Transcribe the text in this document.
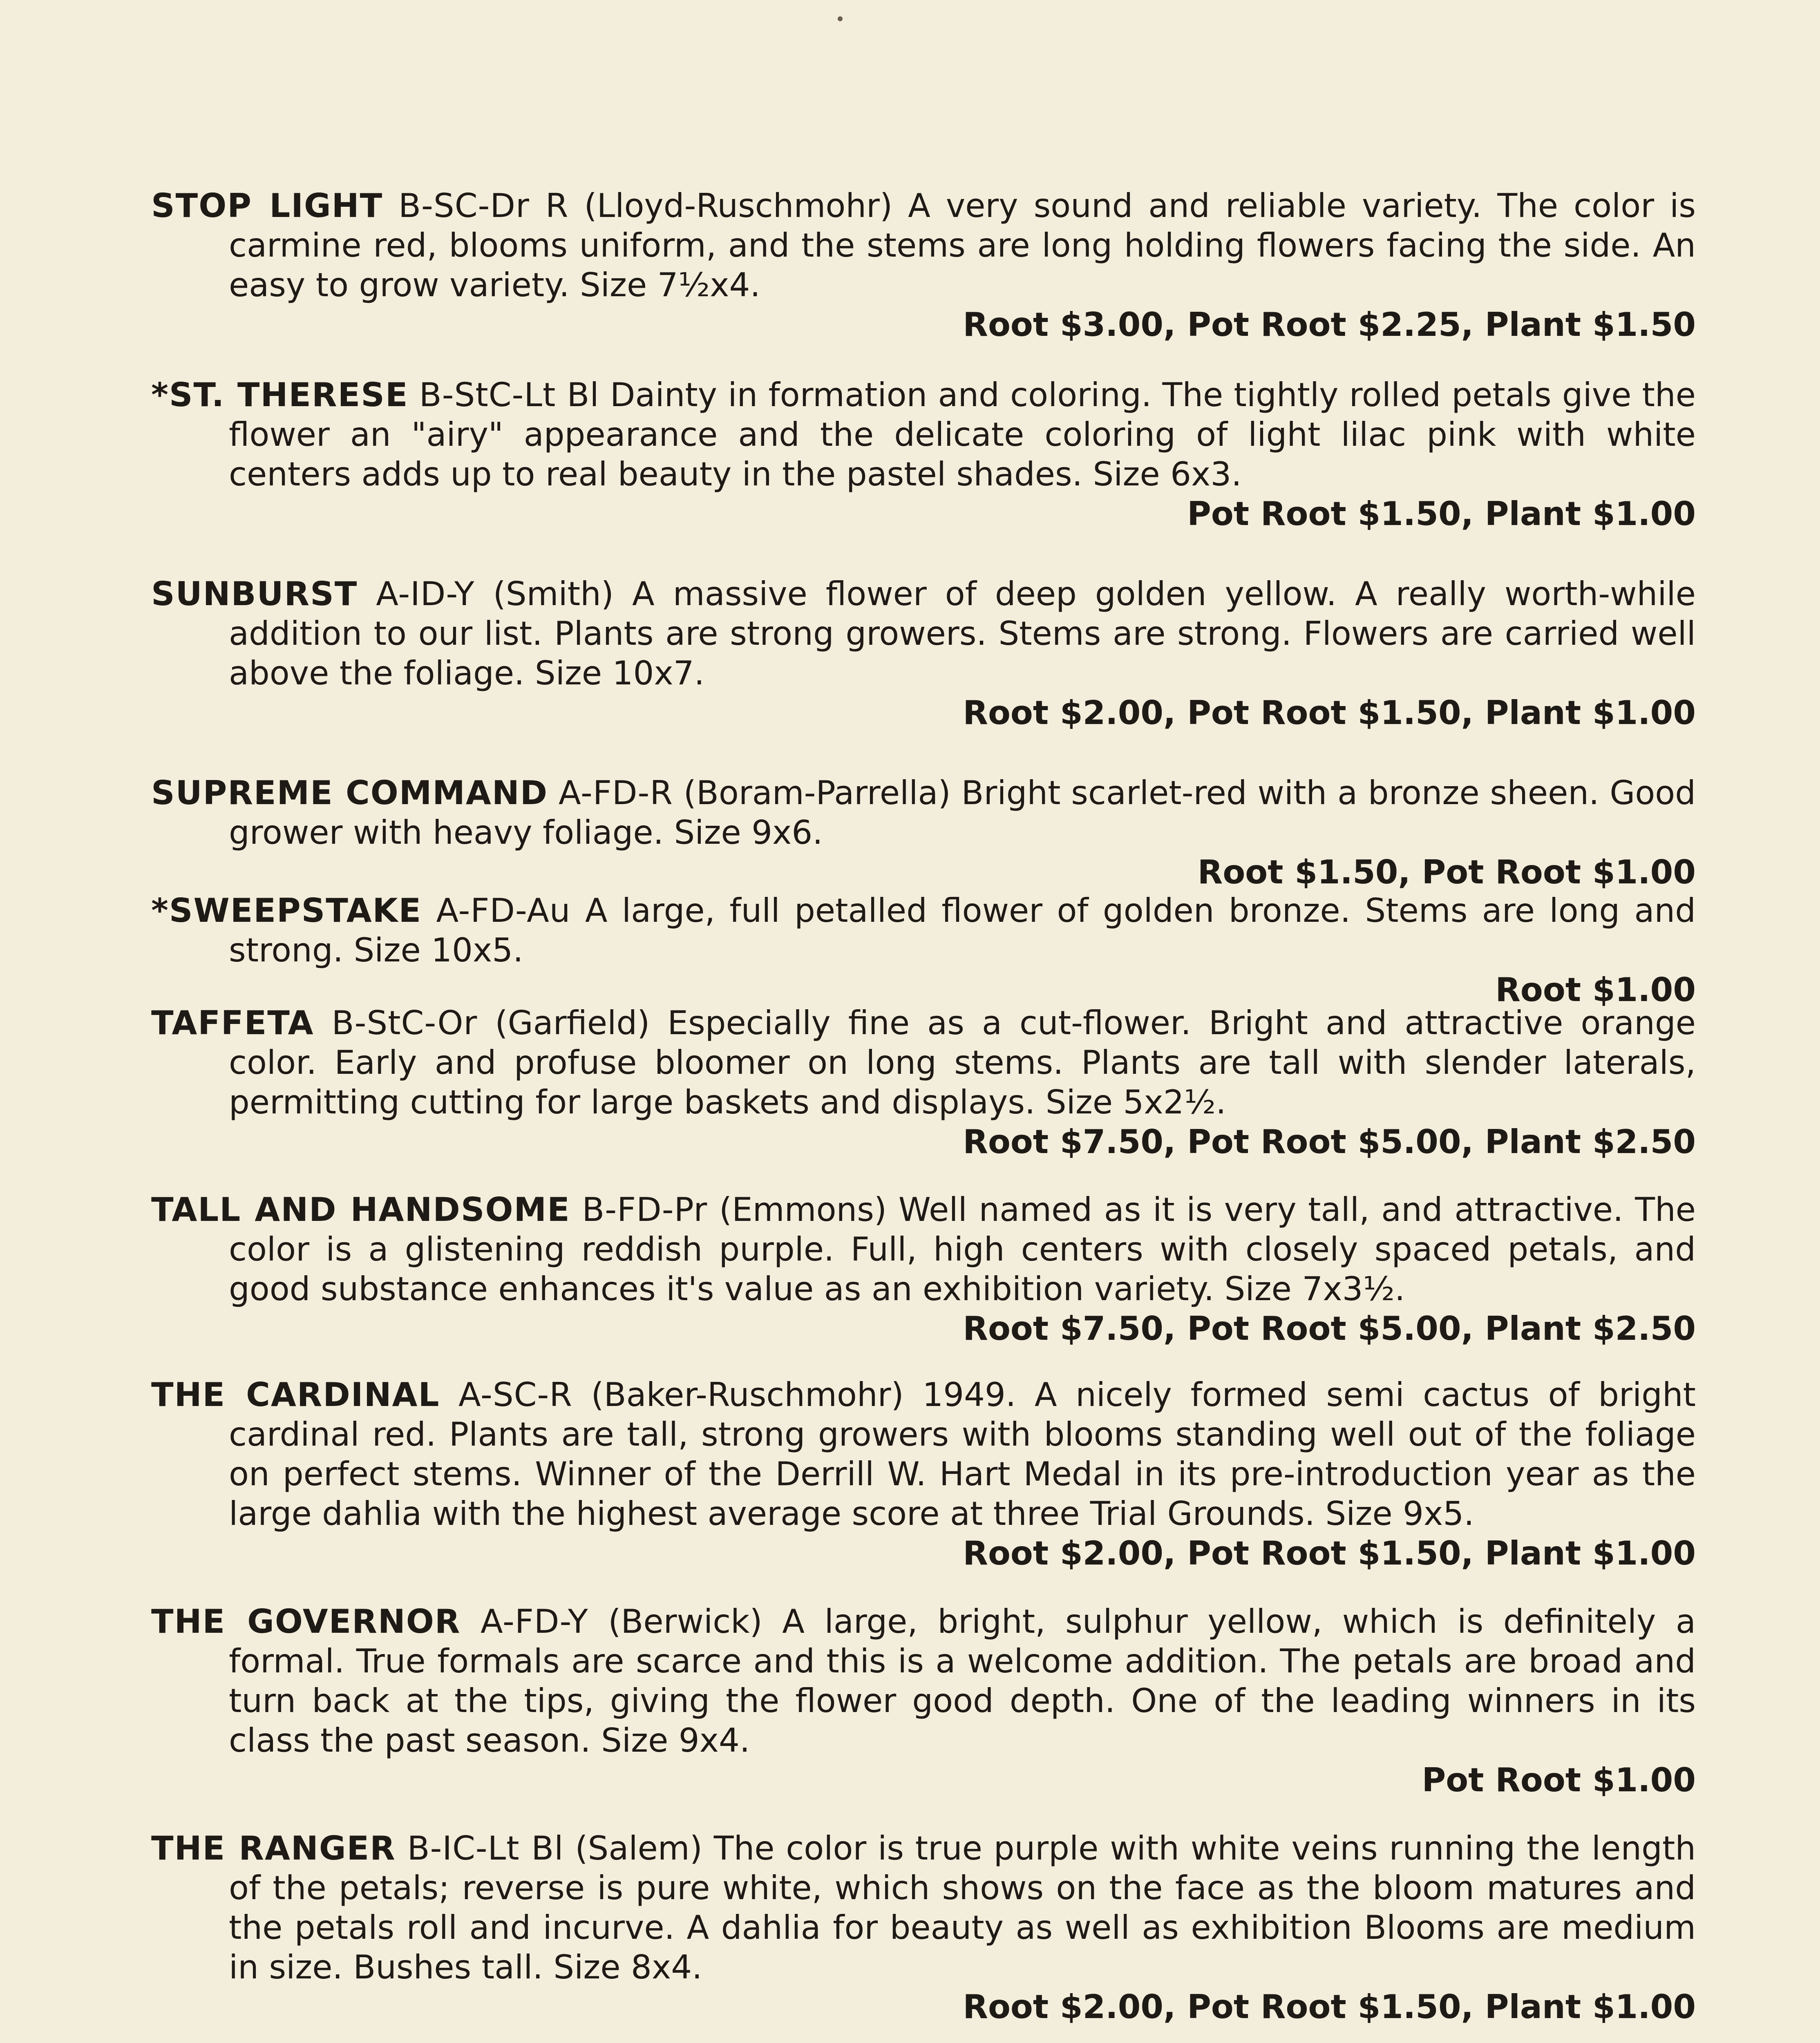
STOP LIGHT B-SC-Dr R (Lloyd-Ruschmohr) A very sound and reliable variety. The color is carmine red, blooms uniform, and the stems are long holding flowers facing the side. An easy to grow variety. Size 7½x4.

Root $3.00, Pot Root $2.25, Plant $1.50

*ST. THERESE B-StC-Lt Bl Dainty in formation and coloring. The tightly rolled petals give the flower an "airy" appearance and the delicate coloring of light lilac pink with white centers adds up to real beauty in the pastel shades. Size 6x3.

Pot Root $1.50, Plant $1.00

SUNBURST A-ID-Y (Smith) A massive flower of deep golden yellow. A really worth-while addition to our list. Plants are strong growers. Stems are strong. Flowers are carried well above the foliage. Size 10x7.

Root $2.00, Pot Root $1.50, Plant $1.00

SUPREME COMMAND A-FD-R (Boram-Parrella) Bright scarlet-red with a bronze sheen. Good grower with heavy foliage. Size 9x6.

Root $1.50, Pot Root $1.00

*SWEEPSTAKE A-FD-Au A large, full petalled flower of golden bronze. Stems are long and strong. Size 10x5.

Root $1.00

TAFFETA B-StC-Or (Garfield) Especially fine as a cut-flower. Bright and attractive orange color. Early and profuse bloomer on long stems. Plants are tall with slender laterals, permitting cutting for large baskets and displays. Size 5x2½.

Root $7.50, Pot Root $5.00, Plant $2.50

TALL AND HANDSOME B-FD-Pr (Emmons) Well named as it is very tall, and attractive. The color is a glistening reddish purple. Full, high centers with closely spaced petals, and good substance enhances it's value as an exhibition variety. Size 7x3½.

Root $7.50, Pot Root $5.00, Plant $2.50

THE CARDINAL A-SC-R (Baker-Ruschmohr) 1949. A nicely formed semi cactus of bright cardinal red. Plants are tall, strong growers with blooms standing well out of the foliage on perfect stems. Winner of the Derrill W. Hart Medal in its pre-introduction year as the large dahlia with the highest average score at three Trial Grounds. Size 9x5.

Root $2.00, Pot Root $1.50, Plant $1.00

THE GOVERNOR A-FD-Y (Berwick) A large, bright, sulphur yellow, which is definitely a formal. True formals are scarce and this is a welcome addition. The petals are broad and turn back at the tips, giving the flower good depth. One of the leading winners in its class the past season. Size 9x4.

Pot Root $1.00

THE RANGER B-IC-Lt Bl (Salem) The color is true purple with white veins running the length of the petals; reverse is pure white, which shows on the face as the bloom matures and the petals roll and incurve. A dahlia for beauty as well as exhibition Blooms are medium in size. Bushes tall. Size 8x4.

Root $2.00, Pot Root $1.50, Plant $1.00
